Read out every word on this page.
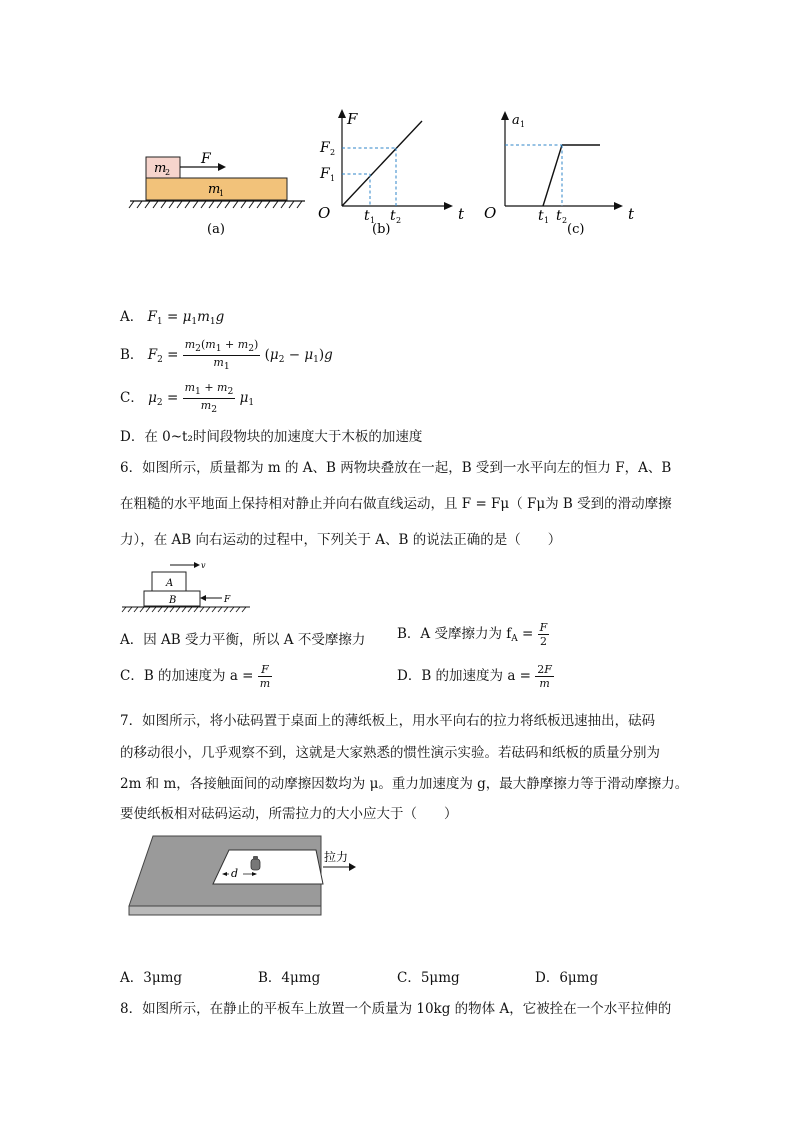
m
2
m
1
F
(a)
F
t
O
F 1
F 2
t 1 t 2
(b)
a 1
t
O	t 1 t 2
(c)
A． $F_1 = \mu_1m_1g$
B． $F_2 = \frac{m_2(m_1 + m_2)}{m_1} (\mu_2 - \mu_1)g$
C． $\mu_2 = \frac{m_1 + m_2}{m_2} \mu_1$
D．在 0~t₂时间段物块的加速度大于木板的加速度
6．如图所示，质量都为 m 的 A、B 两物块叠放在一起，B 受到一水平向左的恒力 F，A、B
在粗糙的水平地面上保持相对静止并向右做直线运动，且 F = Fμ（ Fμ为 B 受到的滑动摩擦
力），在 AB 向右运动的过程中，下列关于 A、B 的说法正确的是（　　）
A
B
v
F
A．因 AB 受力平衡，所以 A 不受摩擦力 B．A 受摩擦力为 $f_A = \frac{F}{2}$
C．B 的加速度为 $a = \frac{F}{m}$	D．B 的加速度为 $a = \frac{2F}{m}$
7．如图所示，将小砝码置于桌面上的薄纸板上，用水平向右的拉力将纸板迅速抽出，砝码
的移动很小，几乎观察不到，这就是大家熟悉的惯性演示实验。若砝码和纸板的质量分别为
2m 和 m，各接触面间的动摩擦因数均为 μ。重力加速度为 g，最大静摩擦力等于滑动摩擦力。
要使纸板相对砝码运动，所需拉力的大小应大于（　　）
d
拉力
A．3μmg	B．4μmg	C．5μmg	D．6μmg
8．如图所示，在静止的平板车上放置一个质量为 10kg 的物体 A，它被拴在一个水平拉伸的
